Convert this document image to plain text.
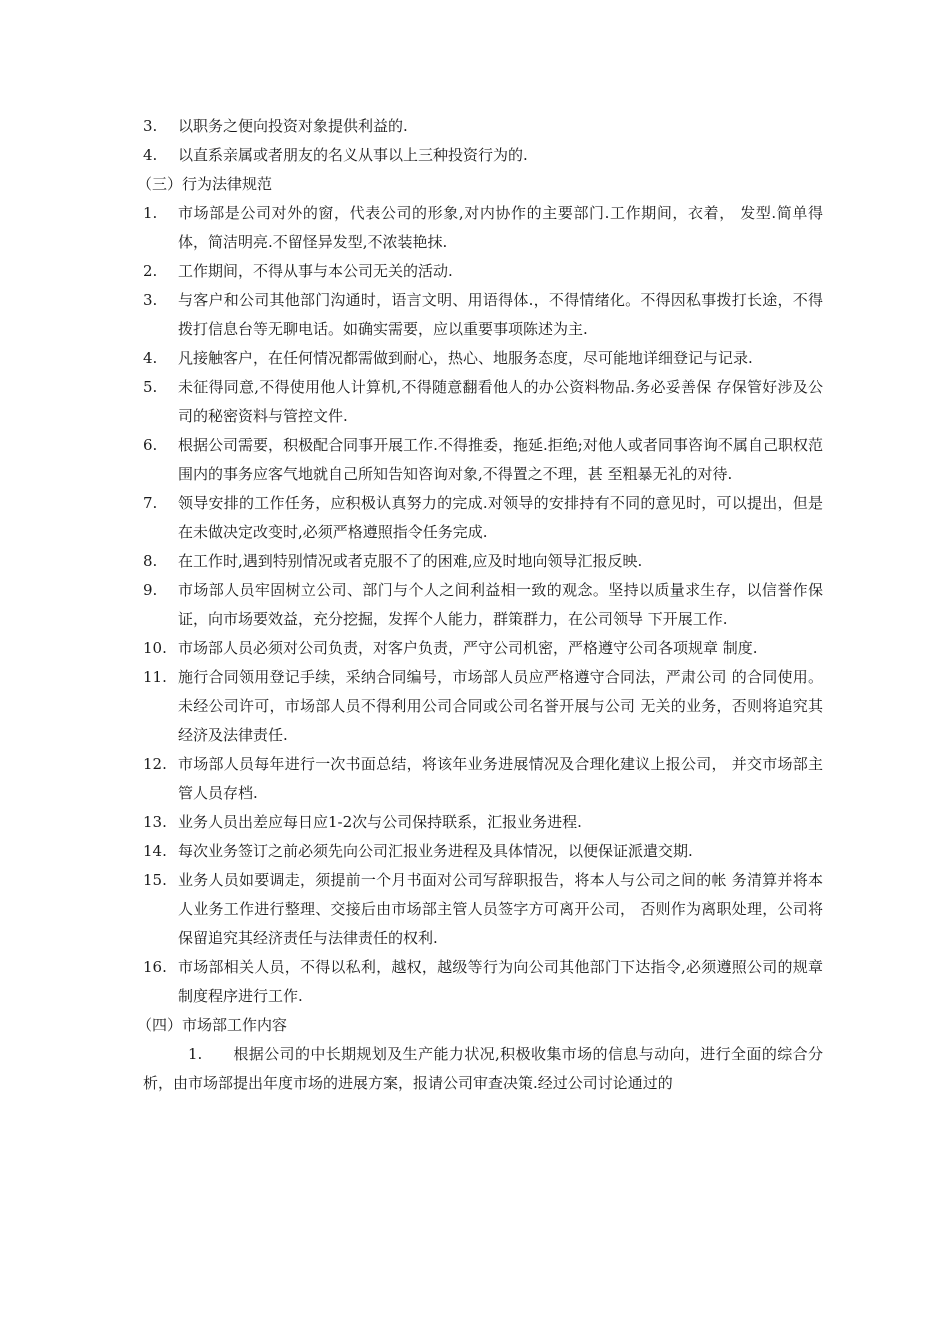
3.	以职务之便向投资对象提供利益的.
4.	以直系亲属或者朋友的名义从事以上三种投资行为的.
（三）行为法律规范
1.	市场部是公司对外的窗，代表公司的形象,对内协作的主要部门.工作期间，衣着， 发型.简单得体，简洁明亮.不留怪异发型,不浓装艳抹.
2.	工作期间，不得从事与本公司无关的活动.
3.	与客户和公司其他部门沟通时，语言文明、用语得体.，不得情绪化。不得因私事拨打长途，不得拨打信息台等无聊电话。如确实需要，应以重要事项陈述为主.
4.	凡接触客户，在任何情况都需做到耐心，热心、地服务态度，尽可能地详细登记与记录.
5.	未征得同意,不得使用他人计算机,不得随意翻看他人的办公资料物品.务必妥善保 存保管好涉及公司的秘密资料与管控文件.
6.	根据公司需要，积极配合同事开展工作.不得推委，拖延.拒绝;对他人或者同事咨询不属自己职权范围内的事务应客气地就自己所知告知咨询对象,不得置之不理，甚 至粗暴无礼的对待.
7.	领导安排的工作任务，应积极认真努力的完成.对领导的安排持有不同的意见时，可以提出，但是在未做决定改变时,必须严格遵照指令任务完成.
8.	在工作时,遇到特别情况或者克服不了的困难,应及时地向领导汇报反映.
9.	市场部人员牢固树立公司、部门与个人之间利益相一致的观念。坚持以质量求生存，以信誉作保证，向市场要效益，充分挖掘，发挥个人能力，群策群力，在公司领导 下开展工作.
10. 市场部人员必须对公司负责，对客户负责，严守公司机密，严格遵守公司各项规章 制度.
11. 施行合同领用登记手续，采纳合同编号，市场部人员应严格遵守合同法，严肃公司 的合同使用。未经公司许可，市场部人员不得利用公司合同或公司名誉开展与公司 无关的业务，否则将追究其经济及法律责任.
12. 市场部人员每年进行一次书面总结，将该年业务进展情况及合理化建议上报公司， 并交市场部主管人员存档.
13. 业务人员出差应每日应1-2次与公司保持联系，汇报业务进程.
14. 每次业务签订之前必须先向公司汇报业务进程及具体情况，以便保证派遣交期.
15. 业务人员如要调走，须提前一个月书面对公司写辞职报告，将本人与公司之间的帐 务清算并将本人业务工作进行整理、交接后由市场部主管人员签字方可离开公司， 否则作为离职处理，公司将保留追究其经济责任与法律责任的权利.
16. 市场部相关人员，不得以私利，越权，越级等行为向公司其他部门下达指令,必须遵照公司的规章制度程序进行工作.
（四）市场部工作内容
1. 根据公司的中长期规划及生产能力状况,积极收集市场的信息与动向，进行全面的综合分析，由市场部提出年度市场的进展方案，报请公司审查决策.经过公司讨论通过的
